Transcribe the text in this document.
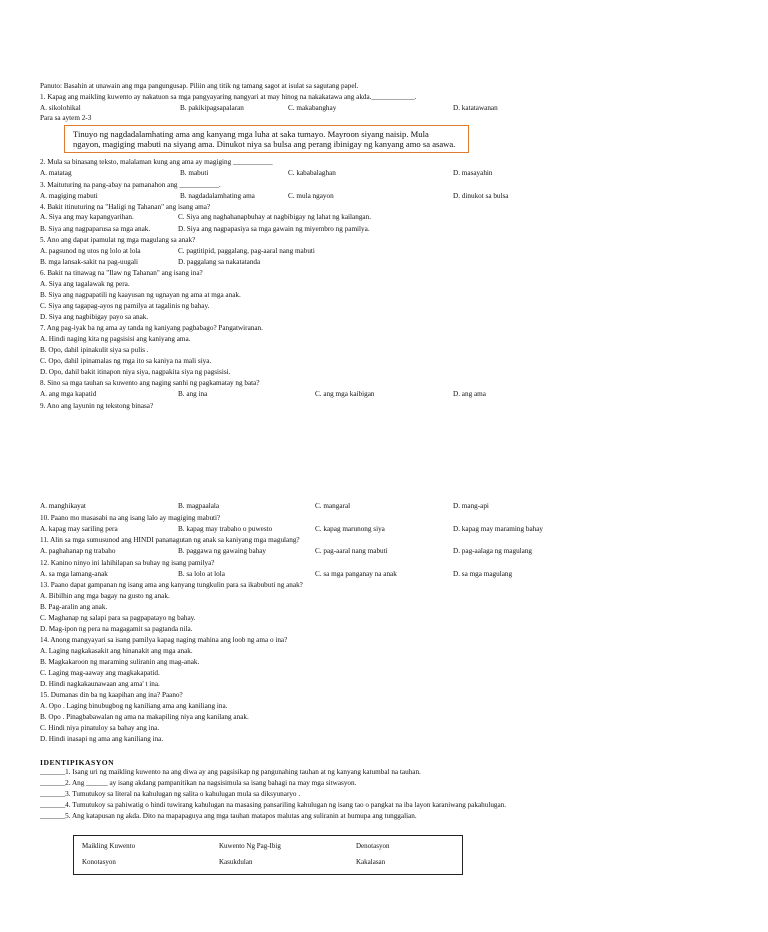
Panuto: Basahin at unawain ang mga pangungusap. Piliin ang titik ng tamang sagot at isulat sa sagutang papel.
1. Kapag ang maikling kuwento ay nakatuon sa mga pangyayaring nangyari at may hinog na nakakatawa ang akda.____________.
A. sikolohikal	B. pakikipagsapalaran	C. makabanghay	D. katatawanan
Para sa aytem 2-3
Tinuyo ng nagdadalamhating ama ang kanyang mga luha at saka tumayo. Mayroon siyang naisip. Mula
ngayon, magiging mabuti na siyang ama. Dinukot niya sa bulsa ang perang ibinigay ng kanyang amo sa asawa.
2. Mula sa binasang teksto, malalaman kung ang ama ay magiging ___________
A. matatag	B. mabuti	C. kababalaghan	D. masayahin
3. Maituturing na pang-abay na pamanahon ang ___________.
A. magiging mabuti	B. nagdadalamhating ama	C. mula ngayon	D. dinukot sa bulsa
4. Bakit itinuturing na "Haligi ng Tahanan" ang isang ama?
A. Siya ang may kapangyarihan.	C. Siya ang naghahanapbuhay at nagbibigay ng lahat ng kailangan.
B. Siya ang nagpaparusa sa mga anak.	D. Siya ang nagpapasiya sa mga gawain ng miyembro ng pamilya.
5. Ano ang dapat ipamulat ng mga magulang sa anak?
A. pagsunod ng utos ng lolo at lola	C. pagtitipid, paggalang, pag-aaral nang mabuti
B. mga lansak-sakit na pag-uugali	D. paggalang sa nakatatanda
6. Bakit na tinawag na "Ilaw ng Tahanan" ang isang ina?
A. Siya ang tagalawak ng pera.
B. Siya ang nagpapatili ng kaayusan ng ugnayan ng ama at mga anak.
C. Siya ang tagapag-ayos ng pamilya at tagalinis ng bahay.
D. Siya ang nagbibigay payo sa anak.
7. Ang pag-iyak ba ng ama ay tanda ng kaniyang pagbabago? Pangatwiranan.
A. Hindi naging kita ng pagsisisi ang kaniyang ama.
B. Opo, dahil ipinakulit siya sa pulis .
C. Opo, dahil ipinamalas ng mga ito sa kaniya na mali siya.
D. Opo, dahil bakit itinapon niya siya, nagpakita siya ng pagsisisi.
8. Sino sa mga tauhan sa kuwento ang naging sanhi ng pagkamatay ng bata?
A. ang mga kapatid	B. ang ina	C. ang mga kaibigan	D. ang ama
9. Ano ang layunin ng tekstong binasa?
A. manghikayat	B. magpaalala	C. mangaral	D. mang-api
10. Paano mo masasabi na ang isang lalo ay magiging mabuti?
A. kapag may sariling pera	B. kapag may trabaho o puwesto	C. kapag marunong siya	D. kapag may maraming bahay
11. Alin sa mga sumusunod ang HINDI pananagutan ng anak sa kaniyang mga magulang?
A. paghahanap ng trabaho	B. paggawa ng gawaing bahay	C. pag-aaral nang mabuti	D. pag-aalaga ng magulang
12. Kanino ninyo ini lahihilapan sa buhay ng isang pamilya?
A. sa mga lamang-anak	B. sa lolo at lola	C. sa mga panganay na anak	D. sa mga magulang
13. Paano dapat gampanan ng isang ama ang kanyang tungkulin para sa ikabubuti ng anak?
A. Bibilhin ang mga bagay na gusto ng anak.
B. Pag-aralin ang anak.
C. Maghanap ng salapi para sa pagpapatayo ng bahay.
D. Mag-ipon ng pera na magagamit sa pagtanda nila.
14. Anong mangyayari sa isang pamilya kapag naging mahina ang loob ng ama o ina?
A. Laging nagkakasakit ang hinanakit ang mga anak.
B. Magkakaroon ng maraming suliranin ang mag-anak.
C. Laging mag-aaway ang magkakapatid.
D. Hindi nagkakaunawaan ang ama' t ina.
15. Dumanas din ba ng kaapihan ang ina? Paano?
A. Opo . Laging binubugbog ng kaniliang ama ang kaniliang ina.
B. Opo . Pinagbabawalan ng ama na makapiling niya ang kanilang anak.
C. Hindi niya pinatuloy sa bahay ang ina.
D. Hindi inasapi ng ama ang kaniliang ina.
IDENTIPIKASYON
_______1. Isang uri ng maikling kuwento na ang diwa ay ang pagsisikap ng pangunahing tauhan at ng kanyang katumbal na tauhan.
_______2. Ang ______ ay isang akdang pampanitikan na nagsisimula sa isang bahagi na may mga sitwasyon.
_______3. Tumutukoy sa literal na kahulugan ng salita o kahulugan mula sa diksyunaryo .
_______4. Tumutukoy sa pahiwatig o hindi tuwirang kahulugan na masasing pansariling kahulugan ng isang tao o pangkat na iba layon karaniwang pakahulugan.
_______5. Ang katapusan ng akda. Dito na mapapaguya ang mga tauhan matapos malutas ang suliranin at humupa ang tunggalian.
Maikling Kuwento	Kuwento Ng Pag-Ibig	Denotasyon
Konotasyon	Kasukdulan	Kakalasan
